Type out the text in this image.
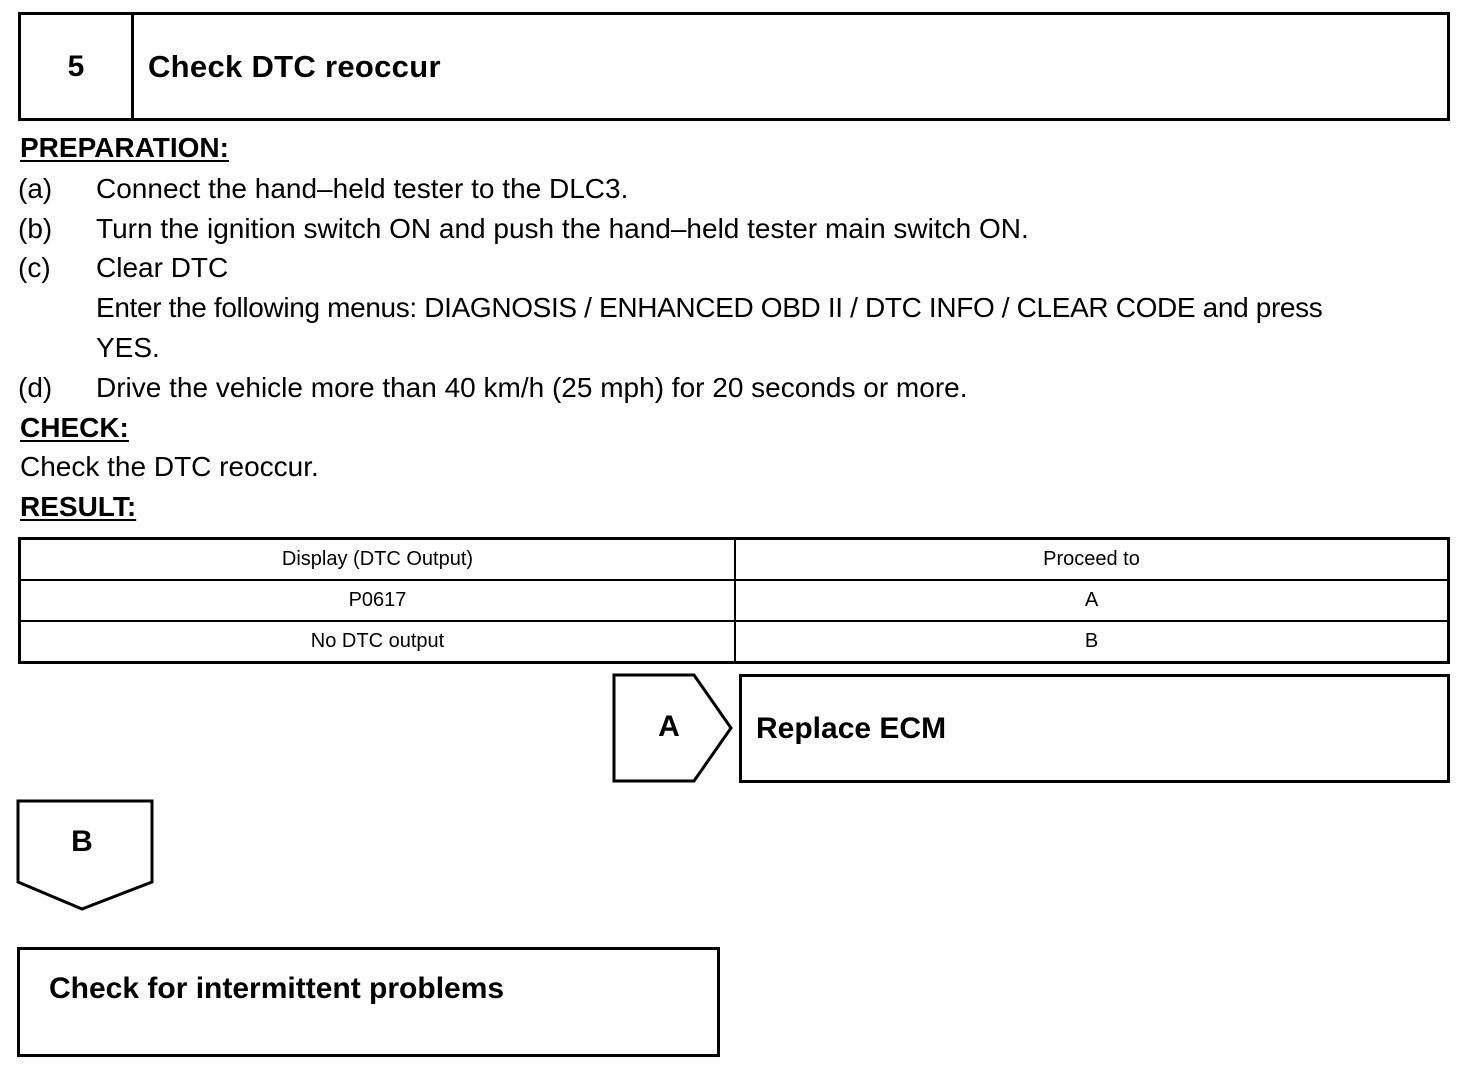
5	Check DTC reoccur
PREPARATION:
(a) Connect the hand–held tester to the DLC3.
(b) Turn the ignition switch ON and push the hand–held tester main switch ON.
(c) Clear DTC
Enter the following menus: DIAGNOSIS / ENHANCED OBD II / DTC INFO / CLEAR CODE and press
YES.
(d) Drive the vehicle more than 40 km/h (25 mph) for 20 seconds or more.
CHECK:
Check the DTC reoccur.
RESULT:
Display (DTC Output)	Proceed to
P0617	A
No DTC output	B
A	Replace ECM
B
Check for intermittent problems
